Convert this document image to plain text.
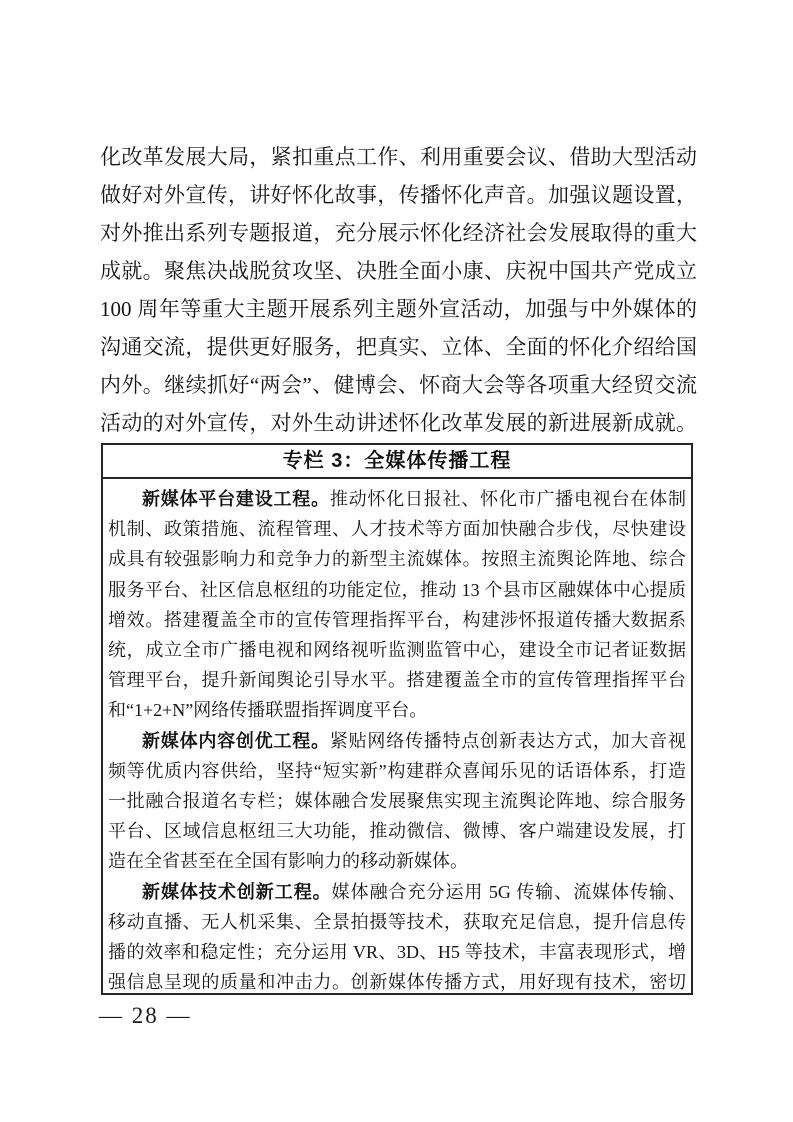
化改革发展大局，紧扣重点工作、利用重要会议、借助大型活动
做好对外宣传，讲好怀化故事，传播怀化声音。加强议题设置，
对外推出系列专题报道，充分展示怀化经济社会发展取得的重大
成就。聚焦决战脱贫攻坚、决胜全面小康、庆祝中国共产党成立
100 周年等重大主题开展系列主题外宣活动，加强与中外媒体的
沟通交流，提供更好服务，把真实、立体、全面的怀化介绍给国
内外。继续抓好“两会”、健博会、怀商大会等各项重大经贸交流
活动的对外宣传，对外生动讲述怀化改革发展的新进展新成就。
专栏 3：全媒体传播工程
新媒体平台建设工程。推动怀化日报社、怀化市广播电视台在体制
机制、政策措施、流程管理、人才技术等方面加快融合步伐，尽快建设
成具有较强影响力和竞争力的新型主流媒体。按照主流舆论阵地、综合
服务平台、社区信息枢纽的功能定位，推动 13 个县市区融媒体中心提质
增效。搭建覆盖全市的宣传管理指挥平台，构建涉怀报道传播大数据系
统，成立全市广播电视和网络视听监测监管中心，建设全市记者证数据
管理平台，提升新闻舆论引导水平。搭建覆盖全市的宣传管理指挥平台
和“1+2+N”网络传播联盟指挥调度平台。
新媒体内容创优工程。紧贴网络传播特点创新表达方式，加大音视
频等优质内容供给，坚持“短实新”构建群众喜闻乐见的话语体系，打造
一批融合报道名专栏；媒体融合发展聚焦实现主流舆论阵地、综合服务
平台、区域信息枢纽三大功能，推动微信、微博、客户端建设发展，打
造在全省甚至在全国有影响力的移动新媒体。
新媒体技术创新工程。媒体融合充分运用 5G 传输、流媒体传输、
移动直播、无人机采集、全景拍摄等技术，获取充足信息，提升信息传
播的效率和稳定性；充分运用 VR、3D、H5 等技术，丰富表现形式，增
强信息呈现的质量和冲击力。创新媒体传播方式，用好现有技术，密切
— 28 —
